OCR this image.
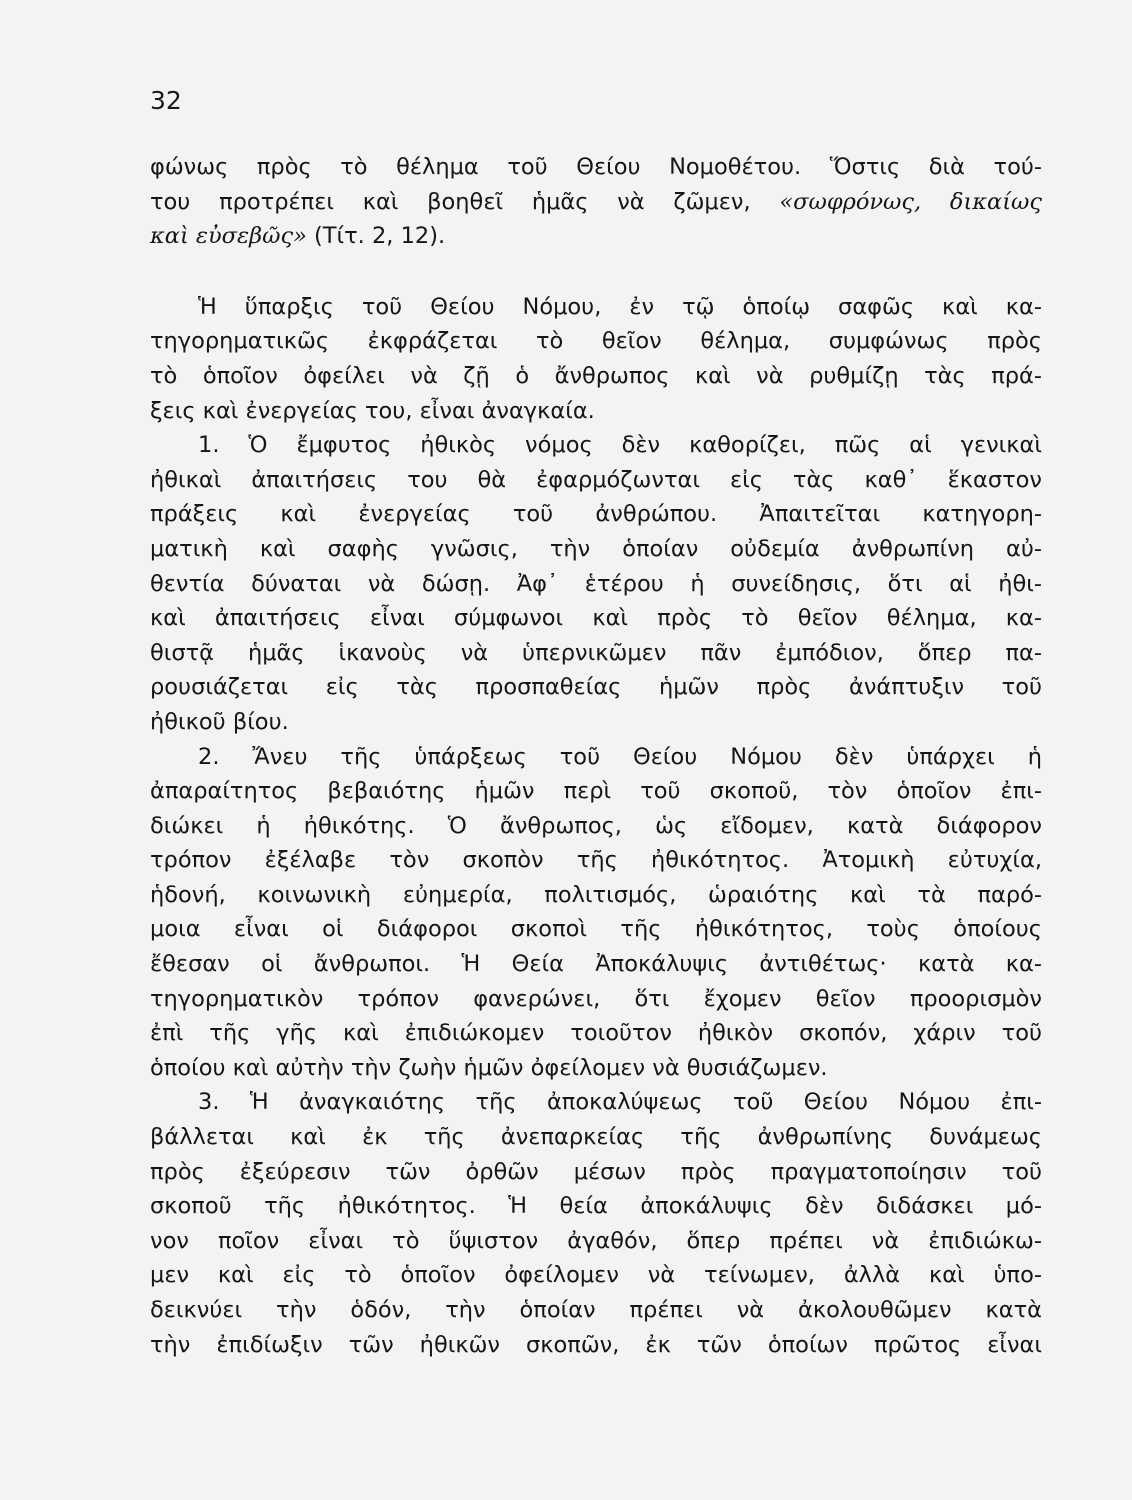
32
φώνως πρὸς τὸ θέλημα τοῦ Θείου Νομοθέτου. Ὅστις διὰ τού-
του προτρέπει καὶ βοηθεῖ ἡμᾶς νὰ ζῶμεν, «σωφρόνως, δικαίως
καὶ εὐσεβῶς» (Τίτ. 2, 12).
Ἡ ὕπαρξις τοῦ Θείου Νόμου, ἐν τῷ ὁποίῳ σαφῶς καὶ κα-
τηγορηματικῶς ἐκφράζεται τὸ θεῖον θέλημα, συμφώνως πρὸς
τὸ ὁποῖον ὀφείλει νὰ ζῇ ὁ ἄνθρωπος καὶ νὰ ρυθμίζῃ τὰς πρά-
ξεις καὶ ἐνεργείας του, εἶναι ἀναγκαία.
1. Ὁ ἔμφυτος ἠθικὸς νόμος δὲν καθορίζει, πῶς αἱ γενικαὶ
ἠθικαὶ ἀπαιτήσεις του θὰ ἐφαρμόζωνται εἰς τὰς καθ᾽ ἕκαστον
πράξεις καὶ ἐνεργείας τοῦ ἀνθρώπου. Ἀπαιτεῖται κατηγορη-
ματικὴ καὶ σαφὴς γνῶσις, τὴν ὁποίαν οὐδεμία ἀνθρωπίνη αὐ-
θεντία δύναται νὰ δώσῃ. Ἀφ᾽ ἑτέρου ἡ συνείδησις, ὅτι αἱ ἠθι-
καὶ ἀπαιτήσεις εἶναι σύμφωνοι καὶ πρὸς τὸ θεῖον θέλημα, κα-
θιστᾷ ἡμᾶς ἱκανοὺς νὰ ὑπερνικῶμεν πᾶν ἐμπόδιον, ὅπερ πα-
ρουσιάζεται εἰς τὰς προσπαθείας ἡμῶν πρὸς ἀνάπτυξιν τοῦ
ἠθικοῦ βίου.
2. Ἄνευ τῆς ὑπάρξεως τοῦ Θείου Νόμου δὲν ὑπάρχει ἡ
ἀπαραίτητος βεβαιότης ἡμῶν περὶ τοῦ σκοποῦ, τὸν ὁποῖον ἐπι-
διώκει ἡ ἠθικότης. Ὁ ἄνθρωπος, ὡς εἴδομεν, κατὰ διάφορον
τρόπον ἐξέλαβε τὸν σκοπὸν τῆς ἠθικότητος. Ἀτομικὴ εὐτυχία,
ἡδονή, κοινωνικὴ εὐημερία, πολιτισμός, ὡραιότης καὶ τὰ παρό-
μοια εἶναι οἱ διάφοροι σκοποὶ τῆς ἠθικότητος, τοὺς ὁποίους
ἔθεσαν οἱ ἄνθρωποι. Ἡ Θεία Ἀποκάλυψις ἀντιθέτως· κατὰ κα-
τηγορηματικὸν τρόπον φανερώνει, ὅτι ἔχομεν θεῖον προορισμὸν
ἐπὶ τῆς γῆς καὶ ἐπιδιώκομεν τοιοῦτον ἠθικὸν σκοπόν, χάριν τοῦ
ὁποίου καὶ αὐτὴν τὴν ζωὴν ἡμῶν ὀφείλομεν νὰ θυσιάζωμεν.
3. Ἡ ἀναγκαιότης τῆς ἀποκαλύψεως τοῦ Θείου Νόμου ἐπι-
βάλλεται καὶ ἐκ τῆς ἀνεπαρκείας τῆς ἀνθρωπίνης δυνάμεως
πρὸς ἐξεύρεσιν τῶν ὀρθῶν μέσων πρὸς πραγματοποίησιν τοῦ
σκοποῦ τῆς ἠθικότητος. Ἡ θεία ἀποκάλυψις δὲν διδάσκει μό-
νον ποῖον εἶναι τὸ ὕψιστον ἀγαθόν, ὅπερ πρέπει νὰ ἐπιδιώκω-
μεν καὶ εἰς τὸ ὁποῖον ὀφείλομεν νὰ τείνωμεν, ἀλλὰ καὶ ὑπο-
δεικνύει τὴν ὁδόν, τὴν ὁποίαν πρέπει νὰ ἀκολουθῶμεν κατὰ
τὴν ἐπιδίωξιν τῶν ἠθικῶν σκοπῶν, ἐκ τῶν ὁποίων πρῶτος εἶναι
